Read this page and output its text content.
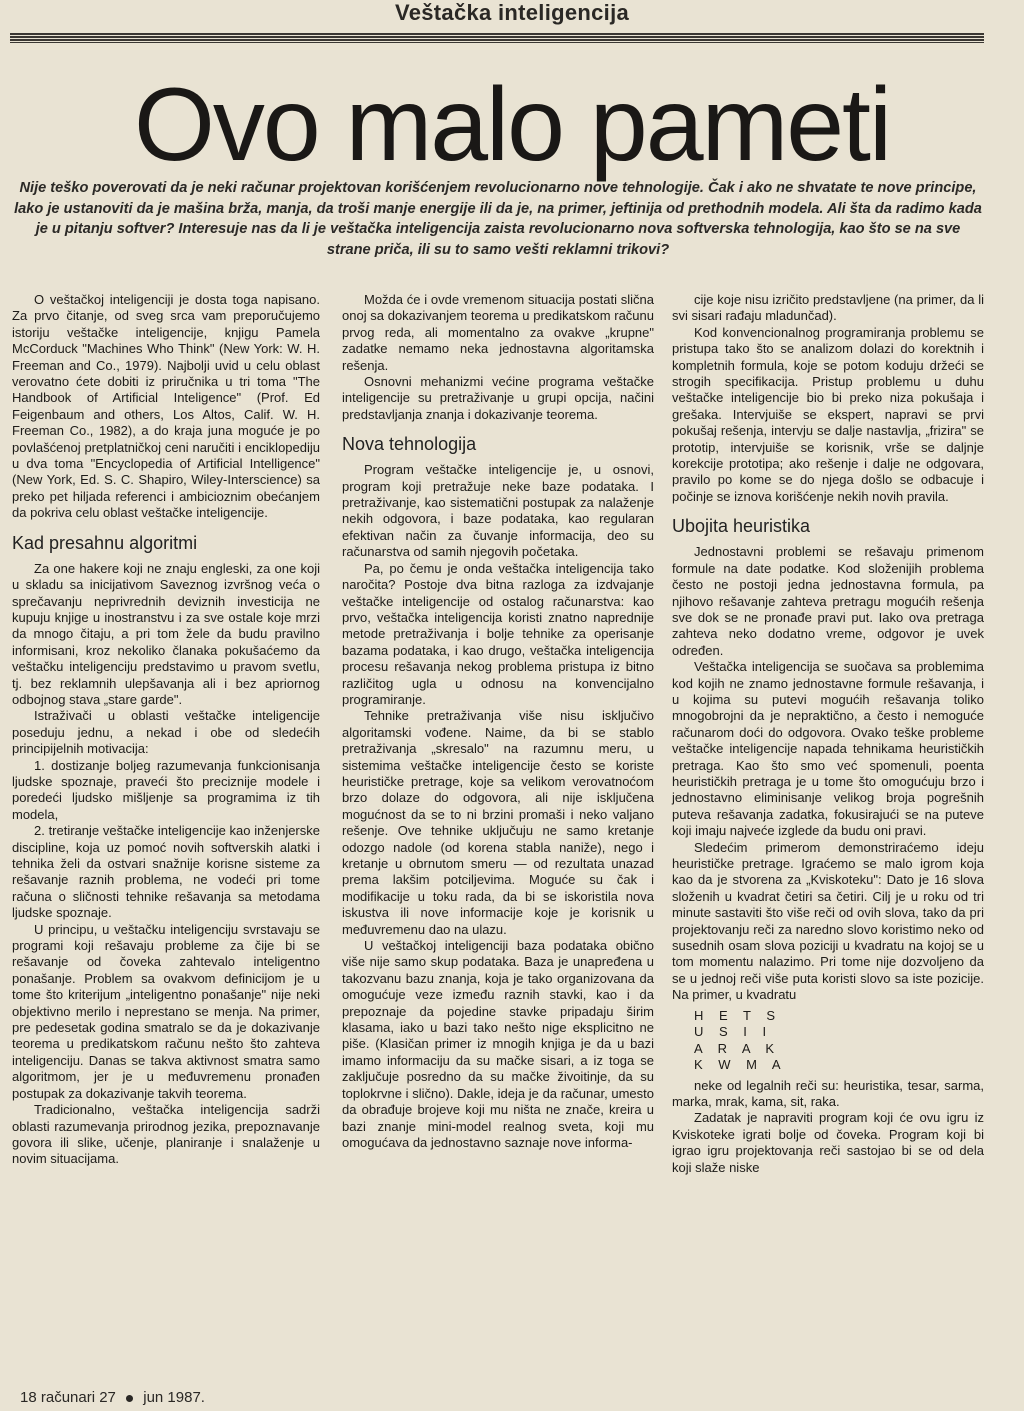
Veštačka inteligencija
Ovo malo pameti
Nije teško poverovati da je neki računar projektovan korišćenjem revolucionarno nove tehnologije. Čak i ako ne shvatate te nove principe, lako je ustanoviti da je mašina brža, manja, da troši manje energije ili da je, na primer, jeftinija od prethodnih modela. Ali šta da radimo kada je u pitanju softver? Interesuje nas da li je veštačka inteligencija zaista revolucionarno nova softverska tehnologija, kao što se na sve strane priča, ili su to samo vešti reklamni trikovi?

O veštačkoj inteligenciji je dosta toga napisano. Za prvo čitanje, od sveg srca vam preporučujemo istoriju veštačke inteligencije, knjigu Pamela McCorduck "Machines Who Think" (New York: W. H. Freeman and Co., 1979). Najbolji uvid u celu oblast verovatno ćete dobiti iz priručnika u tri toma "The Handbook of Artificial Inteligence" (Prof. Ed Feigenbaum and others, Los Altos, Calif. W. H. Freeman Co., 1982), a do kraja juna moguće je po povlašćenoj pretplatničkoj ceni naručiti i enciklopediju u dva toma "Encyclopedia of Artificial Intelligence" (New York, Ed. S. C. Shapiro, Wiley-Interscience) sa preko pet hiljada referenci i ambicioznim obećanjem da pokriva celu oblast veštačke inteligencije.

Kad presahnu algoritmi

Za one hakere koji ne znaju engleski, za one koji u skladu sa inicijativom Saveznog izvršnog veća o sprečavanju neprivrednih deviznih investicija ne kupuju knjige u inostranstvu i za sve ostale koje mrzi da mnogo čitaju, a pri tom žele da budu pravilno informisani, kroz nekoliko članaka pokušaćemo da veštačku inteligenciju predstavimo u pravom svetlu, tj. bez reklamnih ulepšavanja ali i bez apriornog odbojnog stava „stare garde".

Istraživači u oblasti veštačke inteligencije poseduju jednu, a nekad i obe od sledećih principijelnih motivacija:

1. dostizanje boljeg razumevanja funkcionisanja ljudske spoznaje, praveći što preciznije modele i poredeći ljudsko mišljenje sa programima iz tih modela,

2. tretiranje veštačke inteligencije kao inženjerske discipline, koja uz pomoć novih softverskih alatki i tehnika želi da ostvari snažnije korisne sisteme za rešavanje raznih problema, ne vodeći pri tome računa o sličnosti tehnike rešavanja sa metodama ljudske spoznaje.

U principu, u veštačku inteligenciju svrstavaju se programi koji rešavaju probleme za čije bi se rešavanje od čoveka zahtevalo inteligentno ponašanje. Problem sa ovakvom definicijom je u tome što kriterijum „inteligentno ponašanje" nije neki objektivno merilo i neprestano se menja. Na primer, pre pedesetak godina smatralo se da je dokazivanje teorema u predikatskom računu nešto što zahteva inteligenciju. Danas se takva aktivnost smatra samo algoritmom, jer je u međuvremenu pronađen postupak za dokazivanje takvih teorema.

Tradicionalno, veštačka inteligencija sadrži oblasti razumevanja prirodnog jezika, prepoznavanje govora ili slike, učenje, planiranje i snalaženje u novim situacijama.

Možda će i ovde vremenom situacija postati slična onoj sa dokazivanjem teorema u predikatskom računu prvog reda, ali momentalno za ovakve „krupne" zadatke nemamo neka jednostavna algoritamska rešenja.

Osnovni mehanizmi većine programa veštačke inteligencije su pretraživanje u grupi opcija, načini predstavljanja znanja i dokazivanje teorema.

Nova tehnologija

Program veštačke inteligencije je, u osnovi, program koji pretražuje neke baze podataka. I pretraživanje, kao sistematični postupak za nalaženje nekih odgovora, i baze podataka, kao regularan efektivan način za čuvanje informacija, deo su računarstva od samih njegovih početaka.

Pa, po čemu je onda veštačka inteligencija tako naročita? Postoje dva bitna razloga za izdvajanje veštačke inteligencije od ostalog računarstva: kao prvo, veštačka inteligencija koristi znatno naprednije metode pretraživanja i bolje tehnike za operisanje bazama podataka, i kao drugo, veštačka inteligencija procesu rešavanja nekog problema pristupa iz bitno različitog ugla u odnosu na konvencijalno programiranje.

Tehnike pretraživanja više nisu isključivo algoritamski vođene. Naime, da bi se stablo pretraživanja „skresalo" na razumnu meru, u sistemima veštačke inteligencije često se koriste heurističke pretrage, koje sa velikom verovatnoćom brzo dolaze do odgovora, ali nije isključena mogućnost da se to ni brzini promaši i neko valjano rešenje. Ove tehnike uključuju ne samo kretanje odozgo nadole (od korena stabla naniže), nego i kretanje u obrnutom smeru — od rezultata unazad prema lakšim potciljevima. Moguće su čak i modifikacije u toku rada, da bi se iskoristila nova iskustva ili nove informacije koje je korisnik u međuvremenu dao na ulazu.

U veštačkoj inteligenciji baza podataka obično više nije samo skup podataka. Baza je unapređena u takozvanu bazu znanja, koja je tako organizovana da omogućuje veze između raznih stavki, kao i da prepoznaje da pojedine stavke pripadaju širim klasama, iako u bazi tako nešto nige eksplicitno ne piše. (Klasičan primer iz mnogih knjiga je da u bazi imamo informaciju da su mačke sisari, a iz toga se zaključuje posredno da su mačke živoitinje, da su toplokrvne i slično). Dakle, ideja je da računar, umesto da obrađuje brojeve koji mu ništa ne znače, kreira u bazi znanje mini-model realnog sveta, koji mu omogućava da jednostavno saznaje nove informa-

cije koje nisu izričito predstavljene (na primer, da li svi sisari rađaju mladunčad).

Kod konvencionalnog programiranja problemu se pristupa tako što se analizom dolazi do korektnih i kompletnih formula, koje se potom koduju držeći se strogih specifikacija. Pristup problemu u duhu veštačke inteligencije bio bi preko niza pokušaja i grešaka. Intervjuiše se ekspert, napravi se prvi pokušaj rešenja, intervju se dalje nastavlja, „frizira" se prototip, intervjuiše se korisnik, vrše se daljnje korekcije prototipa; ako rešenje i dalje ne odgovara, pravilo po kome se do njega došlo se odbacuje i počinje se iznova korišćenje nekih novih pravila.

Ubojita heuristika

Jednostavni problemi se rešavaju primenom formule na date podatke. Kod složenijih problema često ne postoji jedna jednostavna formula, pa njihovo rešavanje zahteva pretragu mogućih rešenja sve dok se ne pronađe pravi put. Iako ova pretraga zahteva neko dodatno vreme, odgovor je uvek određen.

Veštačka inteligencija se suočava sa problemima kod kojih ne znamo jednostavne formule rešavanja, i u kojima su putevi mogućih rešavanja toliko mnogobrojni da je nepraktično, a često i nemoguće računarom doći do odgovora. Ovako teške probleme veštačke inteligencije napada tehnikama heurističkih pretraga. Kao što smo već spomenuli, poenta heurističkih pretraga je u tome što omogućuju brzo i jednostavno eliminisanje velikog broja pogrešnih puteva rešavanja zadatka, fokusirajući se na puteve koji imaju najveće izglede da budu oni pravi.

Sledećim primerom demonstriraćemo ideju heurističke pretrage. Igraćemo se malo igrom koja kao da je stvorena za „Kviskoteku": Dato je 16 slova složenih u kvadrat četiri sa četiri. Cilj je u roku od tri minute sastaviti što više reči od ovih slova, tako da pri projektovanju reči za naredno slovo koristimo neko od susednih osam slova poziciji u kvadratu na kojoj se u tom momentu nalazimo. Pri tome nije dozvoljeno da se u jednoj reči više puta koristi slovo sa iste pozicije. Na primer, u kvadratu

H E T S
U S I I
A R A K
K W M A

neke od legalnih reči su: heuristika, tesar, sarma, marka, mrak, kama, sit, raka.

Zadatak je napraviti program koji će ovu igru iz Kviskoteke igrati bolje od čoveka. Program koji bi igrao igru projektovanja reči sastojao bi se od dela koji slaže niske

18 računari 27 jun 1987.
